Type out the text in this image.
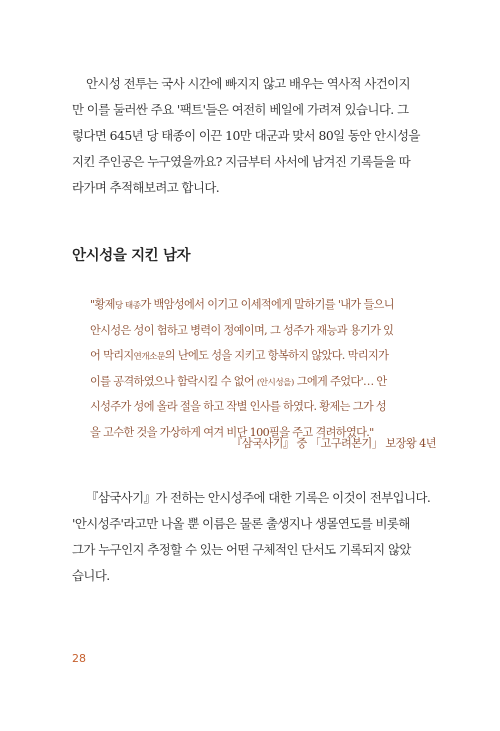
안시성 전투는 국사 시간에 빠지지 않고 배우는 역사적 사건이지
만 이를 둘러싼 주요 '팩트'들은 여전히 베일에 가려져 있습니다. 그
렇다면 645년 당 태종이 이끈 10만 대군과 맞서 80일 동안 안시성을
지킨 주인공은 누구였을까요? 지금부터 사서에 남겨진 기록들을 따
라가며 추적해보려고 합니다.
안시성을 지킨 남자
"황제당 태종가 백암성에서 이기고 이세적에게 말하기를 '내가 들으니
안시성은 성이 험하고 병력이 정예이며, 그 성주가 재능과 용기가 있
어 막리지연개소문의 난에도 성을 지키고 항복하지 않았다. 막리지가
이를 공격하였으나 함락시킬 수 없어 (안시성을) 그에게 주었다'… 안
시성주가 성에 올라 절을 하고 작별 인사를 하였다. 황제는 그가 성
을 고수한 것을 가상하게 여겨 비단 100필을 주고 격려하였다."
『삼국사기』 중 「고구려본기」 보장왕 4년
『삼국사기』가 전하는 안시성주에 대한 기록은 이것이 전부입니다.
'안시성주'라고만 나올 뿐 이름은 물론 출생지나 생몰연도를 비롯해
그가 누구인지 추정할 수 있는 어떤 구체적인 단서도 기록되지 않았
습니다.
28
